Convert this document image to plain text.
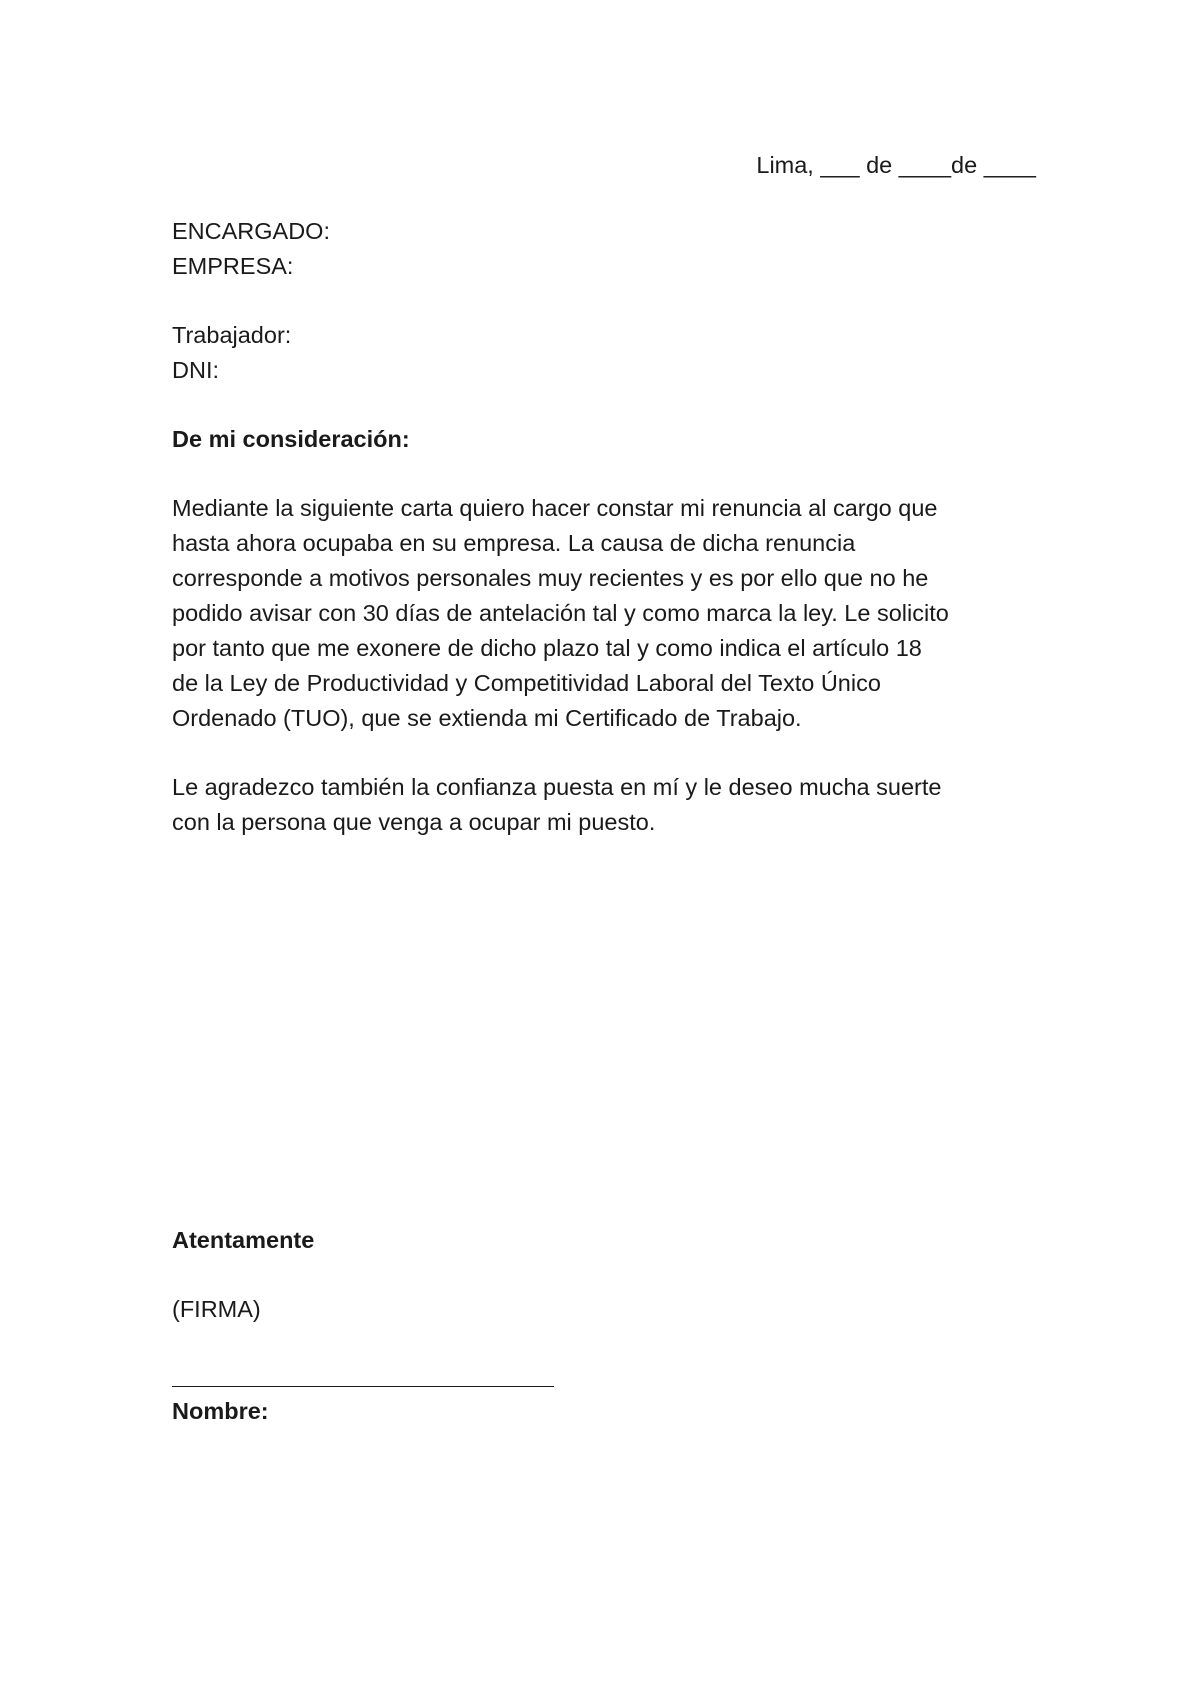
Lima, ___ de ____de ____
ENCARGADO:
EMPRESA:
Trabajador:
DNI:
De mi consideración:
Mediante la siguiente carta quiero hacer constar mi renuncia al cargo que
hasta ahora ocupaba en su empresa. La causa de dicha renuncia
corresponde a motivos personales muy recientes y es por ello que no he
podido avisar con 30 días de antelación tal y como marca la ley. Le solicito
por tanto que me exonere de dicho plazo tal y como indica el artículo 18
de la Ley de Productividad y Competitividad Laboral del Texto Único
Ordenado (TUO), que se extienda mi Certificado de Trabajo.
Le agradezco también la confianza puesta en mí y le deseo mucha suerte
con la persona que venga a ocupar mi puesto.
Atentamente
(FIRMA)
Nombre:
